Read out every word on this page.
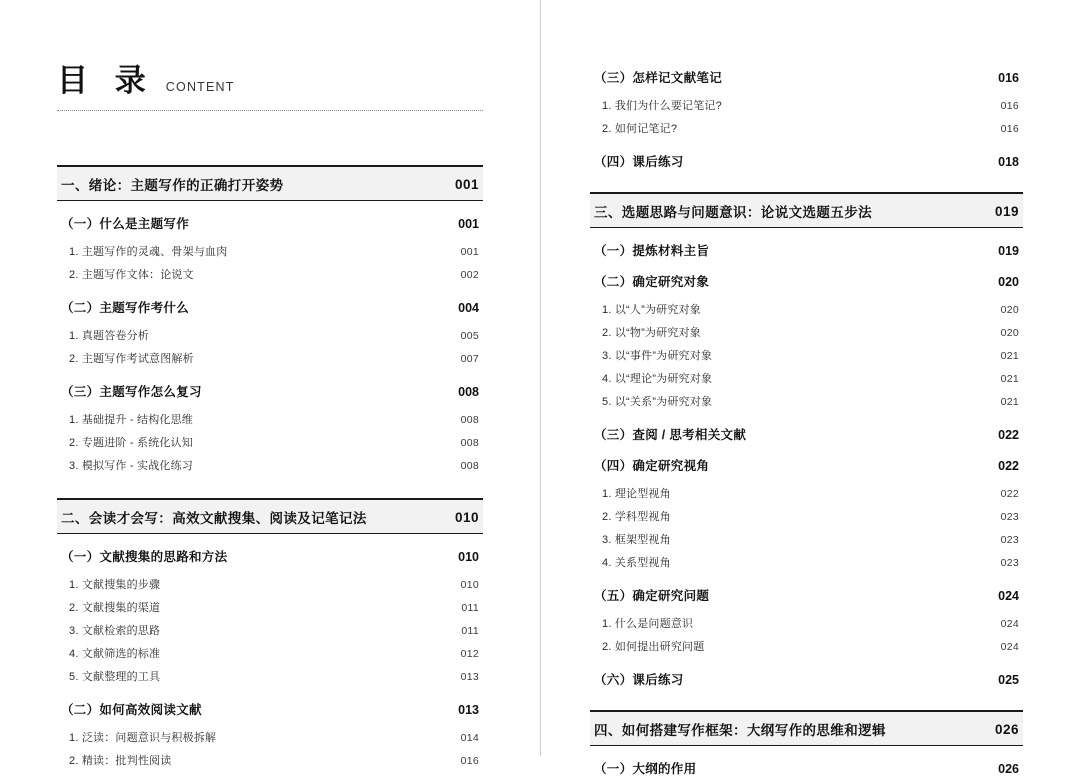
目 录 CONTENT
一、绪论：主题写作的正确打开姿势	001
（一）什么是主题写作	001
1. 主题写作的灵魂、骨架与血肉	001
2. 主题写作文体：论说文	002
（二）主题写作考什么	004
1. 真题答卷分析	005
2. 主题写作考试意图解析	007
（三）主题写作怎么复习	008
1. 基础提升 - 结构化思维	008
2. 专题进阶 - 系统化认知	008
3. 模拟写作 - 实战化练习	008
二、会读才会写：高效文献搜集、阅读及记笔记法	010
（一）文献搜集的思路和方法	010
1. 文献搜集的步骤	010
2. 文献搜集的渠道	011
3. 文献检索的思路	011
4. 文献筛选的标准	012
5. 文献整理的工具	013
（二）如何高效阅读文献	013
1. 泛读：问题意识与积极拆解	014
2. 精读：批判性阅读	016
（三）怎样记文献笔记	016
1. 我们为什么要记笔记?	016
2. 如何记笔记?	016
（四）课后练习	018
三、选题思路与问题意识：论说文选题五步法	019
（一）提炼材料主旨	019
（二）确定研究对象	020
1. 以“人”为研究对象	020
2. 以“物”为研究对象	020
3. 以“事件”为研究对象	021
4. 以“理论”为研究对象	021
5. 以“关系”为研究对象	021
（三）查阅 / 思考相关文献	022
（四）确定研究视角	022
1. 理论型视角	022
2. 学科型视角	023
3. 框架型视角	023
4. 关系型视角	023
（五）确定研究问题	024
1. 什么是问题意识	024
2. 如何提出研究问题	024
（六）课后练习	025
四、如何搭建写作框架：大纲写作的思维和逻辑	026
（一）大纲的作用	026
